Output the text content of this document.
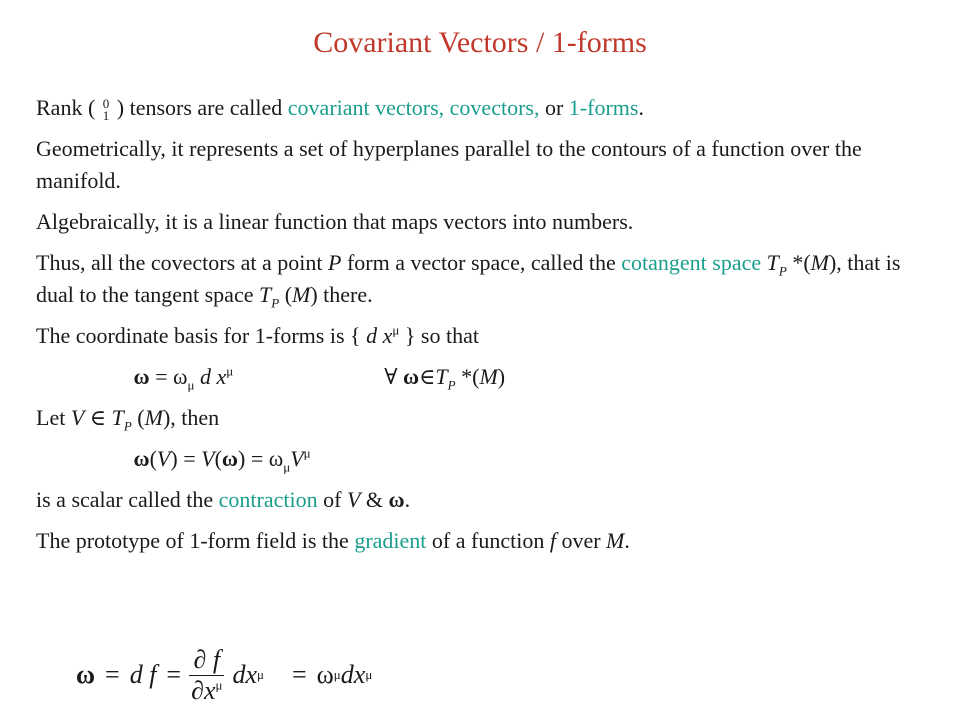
Covariant Vectors / 1-forms

Rank ( 0
1 ) tensors are called covariant vectors, covectors, or 1-forms.

Geometrically, it represents a set of hyperplanes parallel to the contours of a function over the manifold.

Algebraically, it is a linear function that maps vectors into numbers.

Thus, all the covectors at a point P form a vector space, called the cotangent space $T_P$ *(M), that is dual to the tangent space $T_P$ (M) there.

The coordinate basis for 1-forms is { d $x^\mu$ } so that

$\omega = \omega_\mu$ d $x^\mu$	∀ $\omega\in T_P$ *(M)

Let V ∈ $T_P$ (M), then

$\omega(V) = V(\omega) = \omega_\mu V^\mu$

is a scalar called the contraction of V & ω.

The prototype of 1-form field is the gradient of a function f over M.

ω = d $f = \frac{\partial f}{\partial x^\mu}$ dx μ = ω μ dx μ
